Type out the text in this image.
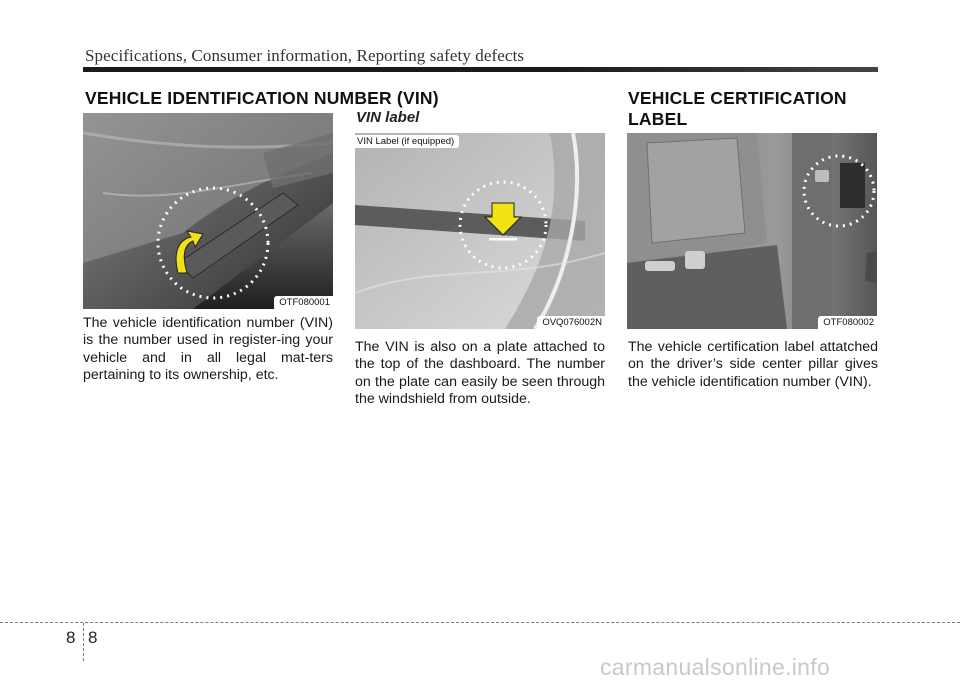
Specifications, Consumer information, Reporting safety defects
VEHICLE IDENTIFICATION NUMBER (VIN)
OTF080001
The vehicle identification number (VIN) is the number used in register-ing your vehicle and in all legal mat-ters pertaining to its ownership, etc.
VIN label
VIN Label (if equipped)
OVQ076002N
The VIN is also on a plate attached to the top of the dashboard. The number on the plate can easily be seen through the windshield from outside.
VEHICLE CERTIFICATION
LABEL
OTF080002
The vehicle certification label attatched on the driver’s side center pillar gives the vehicle identification number (VIN).
8 8
carmanualsonline.info
